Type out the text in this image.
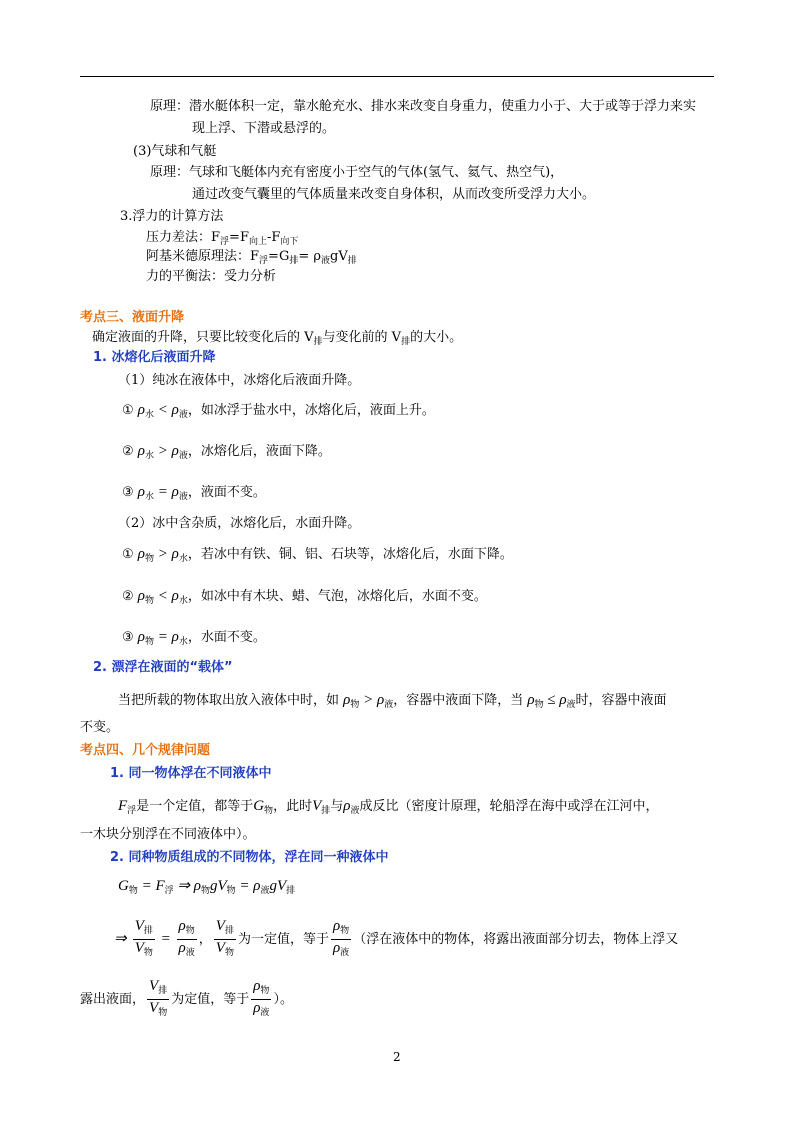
原理：潜水艇体积一定，靠水舱充水、排水来改变自身重力，使重力小于、大于或等于浮力来实
现上浮、下潜或悬浮的。
(3)气球和气艇
原理：气球和飞艇体内充有密度小于空气的气体(氢气、氦气、热空气)，
通过改变气囊里的气体质量来改变自身体积，从而改变所受浮力大小。
3.浮力的计算方法
压力差法：$F_浮=F_{向上}-F_{向下}$
阿基米德原理法：$F_浮=G_排= \rho_液gV_排$
力的平衡法：受力分析
考点三、液面升降
确定液面的升降，只要比较变化后的 $V_排$与变化前的 $V_排$的大小。
1. 冰熔化后液面升降
（1）纯冰在液体中，冰熔化后液面升降。
① $\rho_水 < \rho_液$，如冰浮于盐水中，冰熔化后，液面上升。
② $\rho_水 > \rho_液$，冰熔化后，液面下降。
③ $\rho_水 = \rho_液$，液面不变。
（2）冰中含杂质，冰熔化后，水面升降。
① $\rho_物 > \rho_水$，若冰中有铁、铜、铝、石块等，冰熔化后，水面下降。
② $\rho_物 < \rho_水$，如冰中有木块、蜡、气泡，冰熔化后，水面不变。
③ $\rho_物 = \rho_水$，水面不变。
2. 漂浮在液面的“载体”
当把所载的物体取出放入液体中时，如 $\rho_物 > \rho_液$，容器中液面下降，当 $\rho_物 \le \rho_液$时，容器中液面
不变。
考点四、几个规律问题
1. 同一物体浮在不同液体中
$F_浮$是一个定值，都等于$G_物$，此时$V_排$与$\rho_液$成反比（密度计原理，轮船浮在海中或浮在江河中，
一木块分别浮在不同液体中）。
2. 同种物质组成的不同物体，浮在同一种液体中
$G_物 = F_浮$ ⇒ $\rho_物gV_物 = \rho_液gV_排$
⇒ $\frac{V_排}{V_物} = \frac{\rho_物}{\rho_液}$ ， $\frac{V_排}{V_物}$ 为一定值，等于 $\frac{\rho_物}{\rho_液}$ （浮在液体中的物体，将露出液面部分切去，物体上浮又
露出液面， $\frac{V_排}{V_物}$ 为定值，等于 $\frac{\rho_物}{\rho_液}$ ）。
2
